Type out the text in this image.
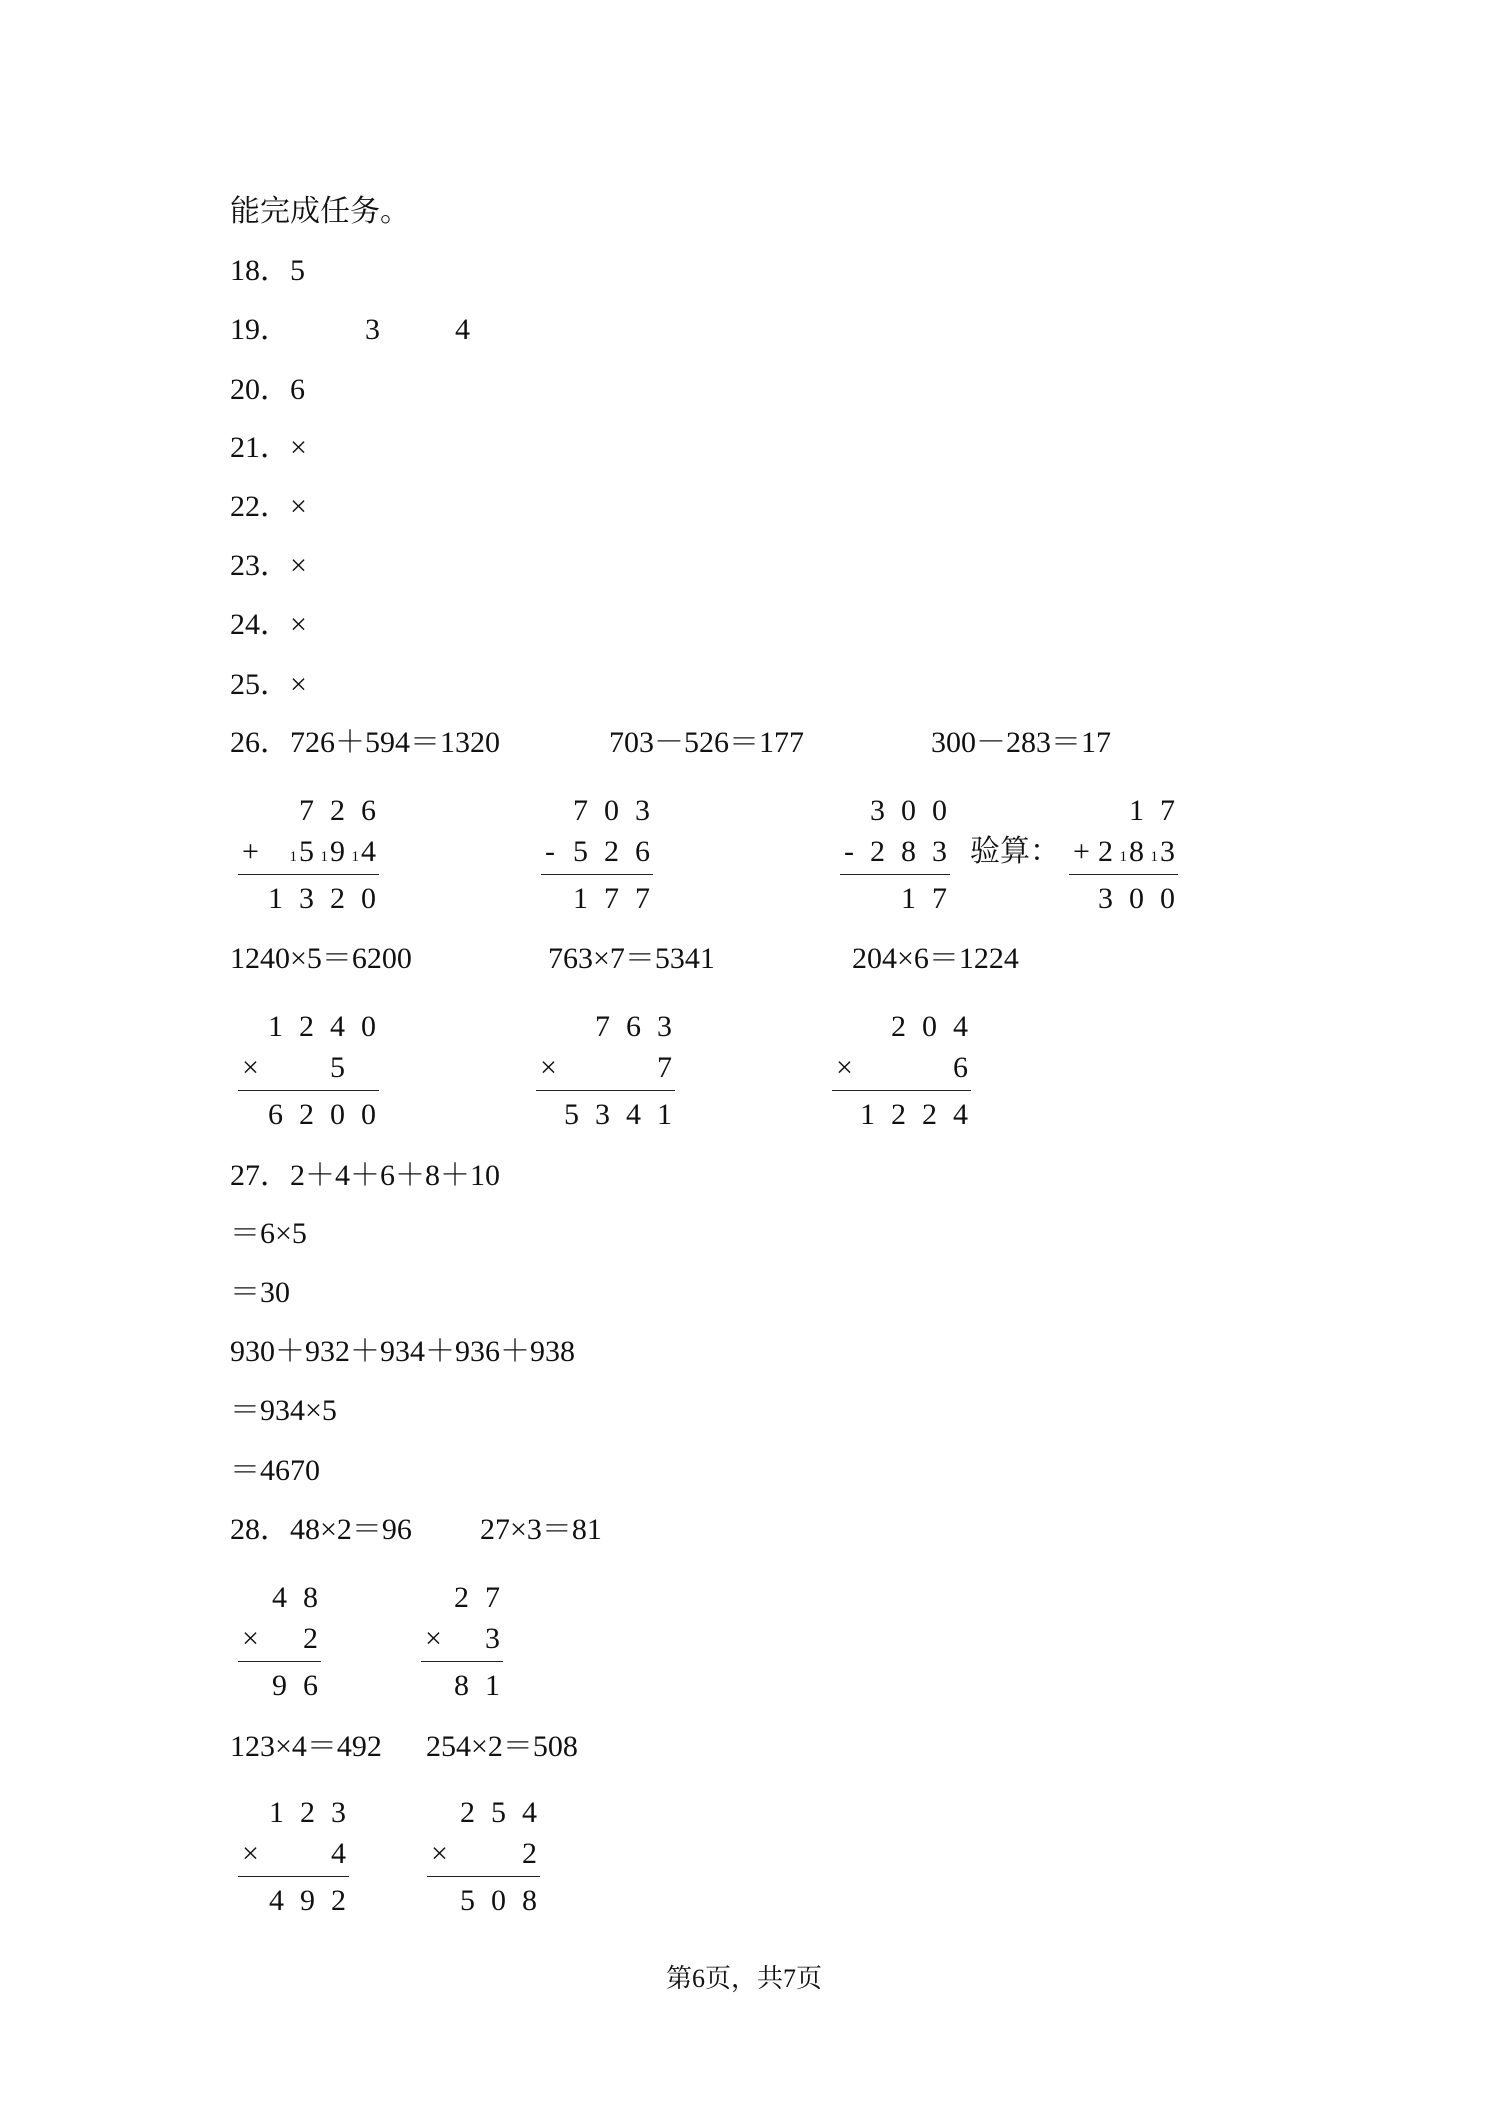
能完成任务。
18．5
19．	3	4
20．6
21．×
22．×
23．×
24．×
25．×
26．726＋594＝1320	703－526＝177	300－283＝17
7 2 6
+ 1 5 1 9 1 4
1 3 2 0
7 0 3
- 5 2 6
1 7 7
3 0 0
- 2 8 3
1 7
验算：
1 7
+ 2 1 8 1 3
3 0 0
1240×5＝6200	763×7＝5341	204×6＝1224
1 2 4 0
×	5
6 2 0 0
7 6 3
×	7
5 3 4 1
2 0 4
×	6
1 2 2 4
27．2＋4＋6＋8＋10
＝6×5
＝30
930＋932＋934＋936＋938
＝934×5
＝4670
28．48×2＝96 27×3＝81
4 8
×	2
9 6
2 7
×	3
8 1
123×4＝492 254×2＝508
1 2 3
×	4
4 9 2
2 5 4
×	2
5 0 8
第6页，共7页
